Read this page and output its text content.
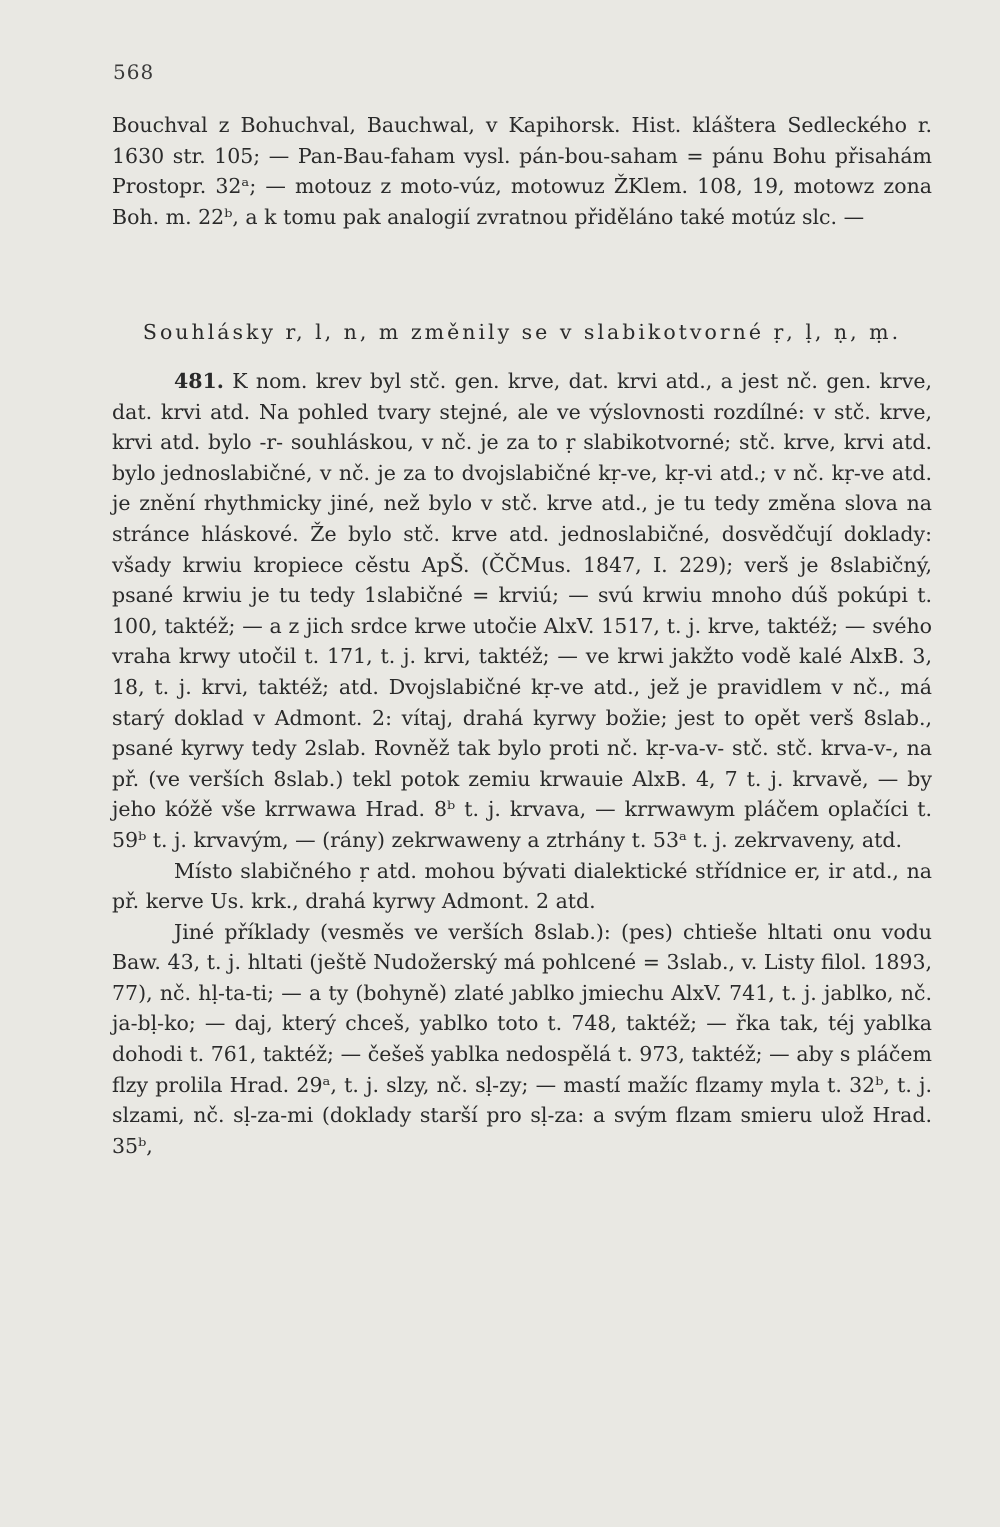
568

Bouchval z Bohuchval, Bauchwal, v Kapihorsk. Hist. kláštera Sedleckého r. 1630 str. 105; — Pan-Bau-faham vysl. pán-bou-saham = pánu Bohu přisahám Prostopr. 32ᵃ; — motouz z moto-vúz, motowuz ŽKlem. 108, 19, motowz zona Boh. m. 22ᵇ, a k tomu pak analogií zvratnou přiděláno také motúz slc. —

Souhlásky r, l, n, m změnily se v slabikotvorné ṛ, ḷ, ṇ, ṃ.

481. K nom. krev byl stč. gen. krve, dat. krvi atd., a jest nč. gen. krve, dat. krvi atd. Na pohled tvary stejné, ale ve výslovnosti rozdílné: v stč. krve, krvi atd. bylo -r- souhláskou, v nč. je za to ṛ slabikotvorné; stč. krve, krvi atd. bylo jednoslabičné, v nč. je za to dvojslabičné kṛ-ve, kṛ-vi atd.; v nč. kṛ-ve atd. je znění rhythmicky jiné, než bylo v stč. krve atd., je tu tedy změna slova na stránce hláskové. Že bylo stč. krve atd. jednoslabičné, dosvědčují doklady: všady krwiu kropiece cěstu ApŠ. (ČČMus. 1847, I. 229); verš je 8slabičný, psané krwiu je tu tedy 1slabičné = krviú; — svú krwiu mnoho dúš pokúpi t. 100, taktéž; — a z jich srdce krwe utočie AlxV. 1517, t. j. krve, taktéž; — svého vraha krwy utočil t. 171, t. j. krvi, taktéž; — ve krwi jakžto vodě kalé AlxB. 3, 18, t. j. krvi, taktéž; atd. Dvojslabičné kṛ-ve atd., jež je pravidlem v nč., má starý doklad v Admont. 2: vítaj, drahá kyrwy božie; jest to opět verš 8slab., psané kyrwy tedy 2slab. Rovněž tak bylo proti nč. kṛ-va-v- stč. stč. krva-v-, na př. (ve verších 8slab.) tekl potok zemiu krwauie AlxB. 4, 7 t. j. krvavě, — by jeho kóžě vše krrwawa Hrad. 8ᵇ t. j. krvava, — krrwawym pláčem oplačíci t. 59ᵇ t. j. krvavým, — (rány) zekrwaweny a ztrhány t. 53ᵃ t. j. zekrvaveny, atd.

Místo slabičného ṛ atd. mohou bývati dialektické střídnice er, ir atd., na př. kerve Us. krk., drahá kyrwy Admont. 2 atd.

Jiné příklady (vesměs ve verších 8slab.): (pes) chtieše hltati onu vodu Baw. 43, t. j. hltati (ještě Nudožerský má pohlcené = 3slab., v. Listy filol. 1893, 77), nč. hḷ-ta-ti; — a ty (bohyně) zlaté ȷablko jmiechu AlxV. 741, t. j. jablko, nč. ja-bḷ-ko; — daj, který chceš, yablko toto t. 748, taktéž; — řka tak, téj yablka dohodi t. 761, taktéž; — češeš yablka nedospělá t. 973, taktéž; — aby s pláčem flzy prolila Hrad. 29ᵃ, t. j. slzy, nč. sḷ-zy; — mastí mažíc flzamy myla t. 32ᵇ, t. j. slzami, nč. sḷ-za-mi (doklady starší pro sḷ-za: a svým flzam smieru ulož Hrad. 35ᵇ,
